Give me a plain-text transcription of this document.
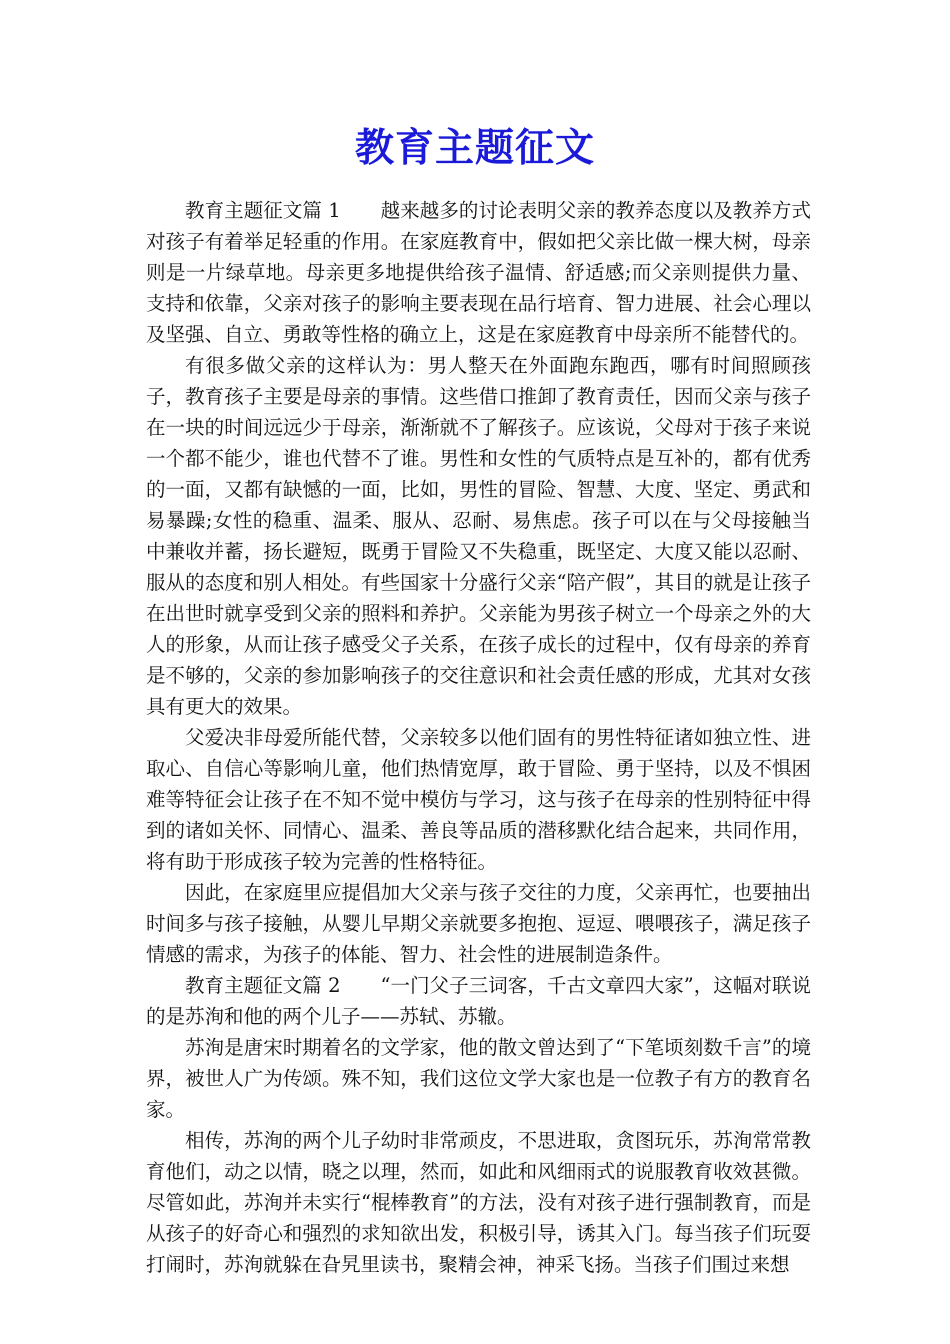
教育主题征文

教育主题征文篇 1 越来越多的讨论表明父亲的教养态度以及教养方式对孩子有着举足轻重的作用。在家庭教育中，假如把父亲比做一棵大树，母亲则是一片绿草地。母亲更多地提供给孩子温情、舒适感;而父亲则提供力量、支持和依靠，父亲对孩子的影响主要表现在品行培育、智力进展、社会心理以及坚强、自立、勇敢等性格的确立上，这是在家庭教育中母亲所不能替代的。

有很多做父亲的这样认为：男人整天在外面跑东跑西，哪有时间照顾孩子，教育孩子主要是母亲的事情。这些借口推卸了教育责任，因而父亲与孩子在一块的时间远远少于母亲，渐渐就不了解孩子。应该说，父母对于孩子来说一个都不能少，谁也代替不了谁。男性和女性的气质特点是互补的，都有优秀的一面，又都有缺憾的一面，比如，男性的冒险、智慧、大度、坚定、勇武和易暴躁;女性的稳重、温柔、服从、忍耐、易焦虑。孩子可以在与父母接触当中兼收并蓄，扬长避短，既勇于冒险又不失稳重，既坚定、大度又能以忍耐、服从的态度和别人相处。有些国家十分盛行父亲“陪产假”，其目的就是让孩子在出世时就享受到父亲的照料和养护。父亲能为男孩子树立一个母亲之外的大人的形象，从而让孩子感受父子关系，在孩子成长的过程中，仅有母亲的养育是不够的，父亲的参加影响孩子的交往意识和社会责任感的形成，尤其对女孩具有更大的效果。

父爱决非母爱所能代替，父亲较多以他们固有的男性特征诸如独立性、进取心、自信心等影响儿童，他们热情宽厚，敢于冒险、勇于坚持，以及不惧困难等特征会让孩子在不知不觉中模仿与学习，这与孩子在母亲的性别特征中得到的诸如关怀、同情心、温柔、善良等品质的潜移默化结合起来，共同作用，将有助于形成孩子较为完善的性格特征。

因此，在家庭里应提倡加大父亲与孩子交往的力度，父亲再忙，也要抽出时间多与孩子接触，从婴儿早期父亲就要多抱抱、逗逗、喂喂孩子，满足孩子情感的需求，为孩子的体能、智力、社会性的进展制造条件。

教育主题征文篇 2 “一门父子三词客，千古文章四大家”，这幅对联说的是苏洵和他的两个儿子——苏轼、苏辙。

苏洵是唐宋时期着名的文学家，他的散文曾达到了“下笔顷刻数千言”的境界，被世人广为传颂。殊不知，我们这位文学大家也是一位教子有方的教育名家。

相传，苏洵的两个儿子幼时非常顽皮，不思进取，贪图玩乐，苏洵常常教育他们，动之以情，晓之以理，然而，如此和风细雨式的说服教育收效甚微。尽管如此，苏洵并未实行“棍棒教育”的方法，没有对孩子进行强制教育，而是从孩子的好奇心和强烈的求知欲出发，积极引导，诱其入门。每当孩子们玩耍打闹时，苏洵就躲在旮旯里读书，聚精会神，神采飞扬。当孩子们围过来想
